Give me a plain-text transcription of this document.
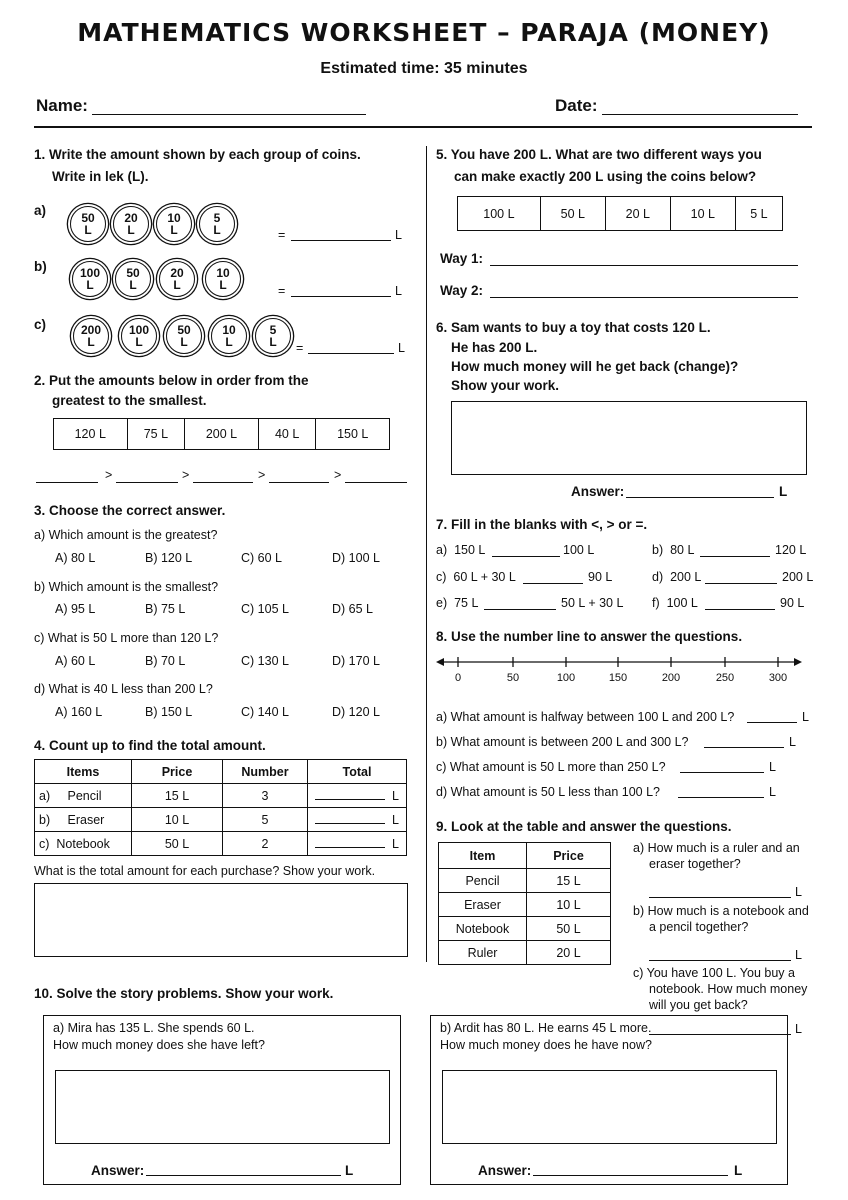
MATHEMATICS WORKSHEET – PARAJA (MONEY)
Estimated time: 35 minutes
Name:	Date:
1. Write the amount shown by each group of coins.
Write in lek (L).
a)	50
L
20
L
10
L
5
L	=	L
b)	100
L
50
L
20
L
10
L	=	L
c)	200
L
100
L
50
L
10
L
5
L	=	L
2. Put the amounts below in order from the
greatest to the smallest.
120 L	75 L	200 L	40 L	150 L
>	>	>	>
3. Choose the correct answer.
a) Which amount is the greatest?
A) 80 L	B) 120 L	C) 60 L	D) 100 L
b) Which amount is the smallest?
A) 95 L	B) 75 L	C) 105 L	D) 65 L
c) What is 50 L more than 120 L?
A) 60 L	B) 70 L	C) 130 L	D) 170 L
d) What is 40 L less than 200 L?
A) 160 L	B) 150 L	C) 140 L	D) 120 L
4. Count up to find the total amount.
Items	Price	Number	Total
a) Pencil	15 L	3	L
b) Eraser	10 L	5	L
c) Notebook	50 L	2	L
What is the total amount for each purchase? Show your work.
5. You have 200 L. What are two different ways you
can make exactly 200 L using the coins below?
100 L	50 L	20 L	10 L	5 L
Way 1:
Way 2:
6. Sam wants to buy a toy that costs 120 L.
He has 200 L.
How much money will he get back (change)?
Show your work.
Answer:	L
7. Fill in the blanks with <, > or =.
a) 150 L	100 L	b) 80 L	120 L
c) 60 L + 30 L	90 L	d) 200 L	200 L
e) 75 L	50 L + 30 L f) 100 L	90 L
8. Use the number line to answer the questions.
0	50	100	150	200	250	300
a) What amount is halfway between 100 L and 200 L?	L
b) What amount is between 200 L and 300 L?	L
c) What amount is 50 L more than 250 L?	L
d) What amount is 50 L less than 100 L?	L
9. Look at the table and answer the questions.
Item	Price
Pencil	15 L
Eraser	10 L
Notebook	50 L
Ruler	20 L
a) How much is a ruler and an
eraser together?
L
b) How much is a notebook and
a pencil together?
L
c) You have 100 L. You buy a
notebook. How much money
will you get back?
L
10. Solve the story problems. Show your work.
a) Mira has 135 L. She spends 60 L.
How much money does she have left?
Answer:	L
b) Ardit has 80 L. He earns 45 L more.
How much money does he have now?
Answer:	L
